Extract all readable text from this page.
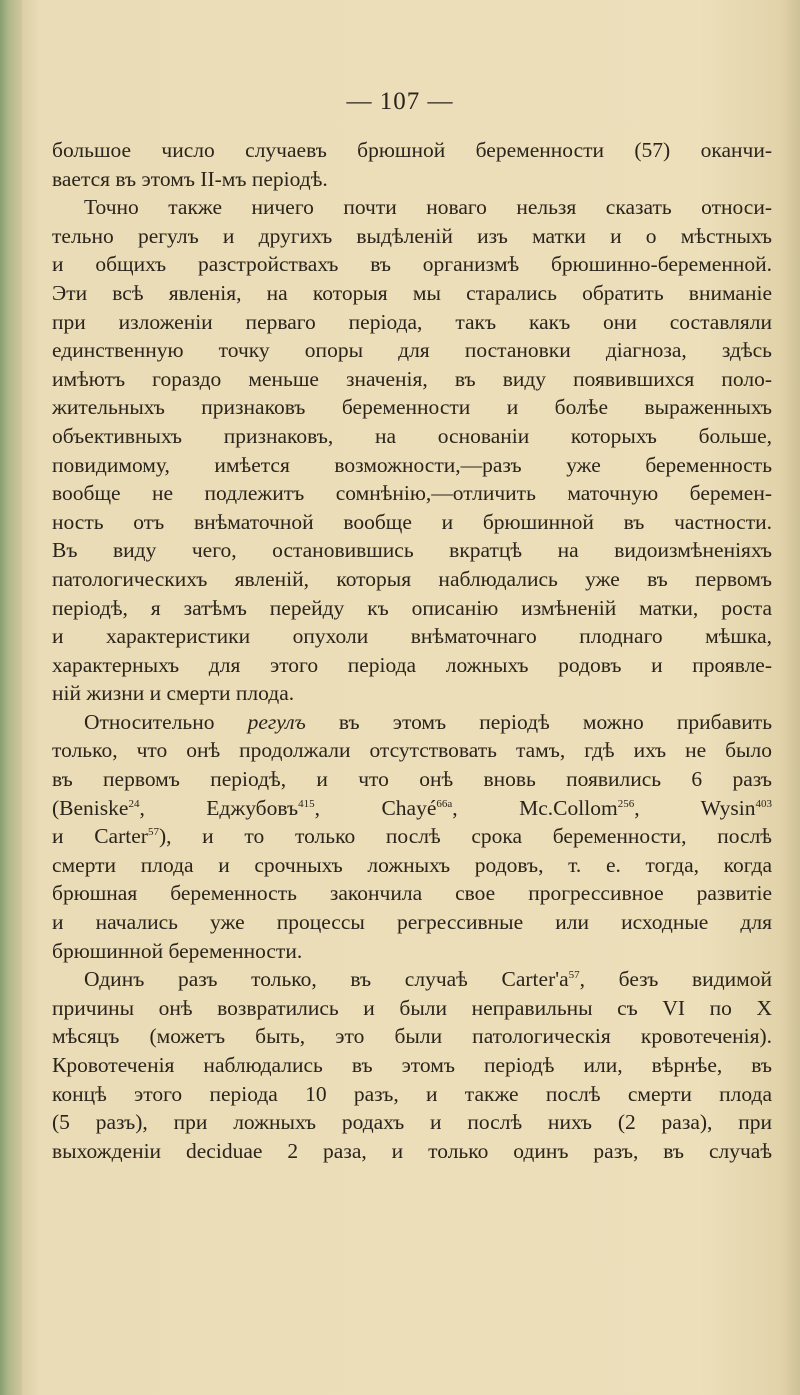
— 107 —
большое число случаевъ брюшной беременности (57) оканчи-
вается въ этомъ II-мъ періодѣ.
Точно также ничего почти новаго нельзя сказать относи-
тельно регулъ и другихъ выдѣленій изъ матки и о мѣстныхъ
и общихъ разстройствахъ въ организмѣ брюшинно-беременной.
Эти всѣ явленія, на которыя мы старались обратить вниманіе
при изложеніи перваго періода, такъ какъ они составляли
единственную точку опоры для постановки діагноза, здѣсь
имѣютъ гораздо меньше значенія, въ виду появившихся поло-
жительныхъ признаковъ беременности и болѣе выраженныхъ
объективныхъ признаковъ, на основаніи которыхъ больше,
повидимому, имѣется возможности,—разъ уже беременность
вообще не подлежитъ сомнѣнію,—отличить маточную беремен-
ность отъ внѣматочной вообще и брюшинной въ частности.
Въ виду чего, остановившись вкратцѣ на видоизмѣненіяхъ
патологическихъ явленій, которыя наблюдались уже въ первомъ
періодѣ, я затѣмъ перейду къ описанію измѣненій матки, роста
и характеристики опухоли внѣматочнаго плоднаго мѣшка,
характерныхъ для этого періода ложныхъ родовъ и проявле-
ній жизни и смерти плода.
Относительно регулъ въ этомъ періодѣ можно прибавить
только, что онѣ продолжали отсутствовать тамъ, гдѣ ихъ не было
въ первомъ періодѣ, и что онѣ вновь появились 6 разъ
(Beniske$^{24}$, Еджубовъ$^{415}$, Chayé$^{66a}$, Mc.Collom$^{256}$, Wysin$^{403}$
и Carter$^{57}$), и то только послѣ срока беременности, послѣ
смерти плода и срочныхъ ложныхъ родовъ, т. е. тогда, когда
брюшная беременность закончила свое прогрессивное развитіе
и начались уже процессы регрессивные или исходные для
брюшинной беременности.
Одинъ разъ только, въ случаѣ $Carter'a^{57}$, безъ видимой
причины онѣ возвратились и были неправильны съ VI по X
мѣсяцъ (можетъ быть, это были патологическія кровотеченія).
Кровотеченія наблюдались въ этомъ періодѣ или, вѣрнѣе, въ
концѣ этого періода 10 разъ, и также послѣ смерти плода
(5 разъ), при ложныхъ родахъ и послѣ нихъ (2 раза), при
выхожденіи deciduae 2 раза, и только одинъ разъ, въ случаѣ
